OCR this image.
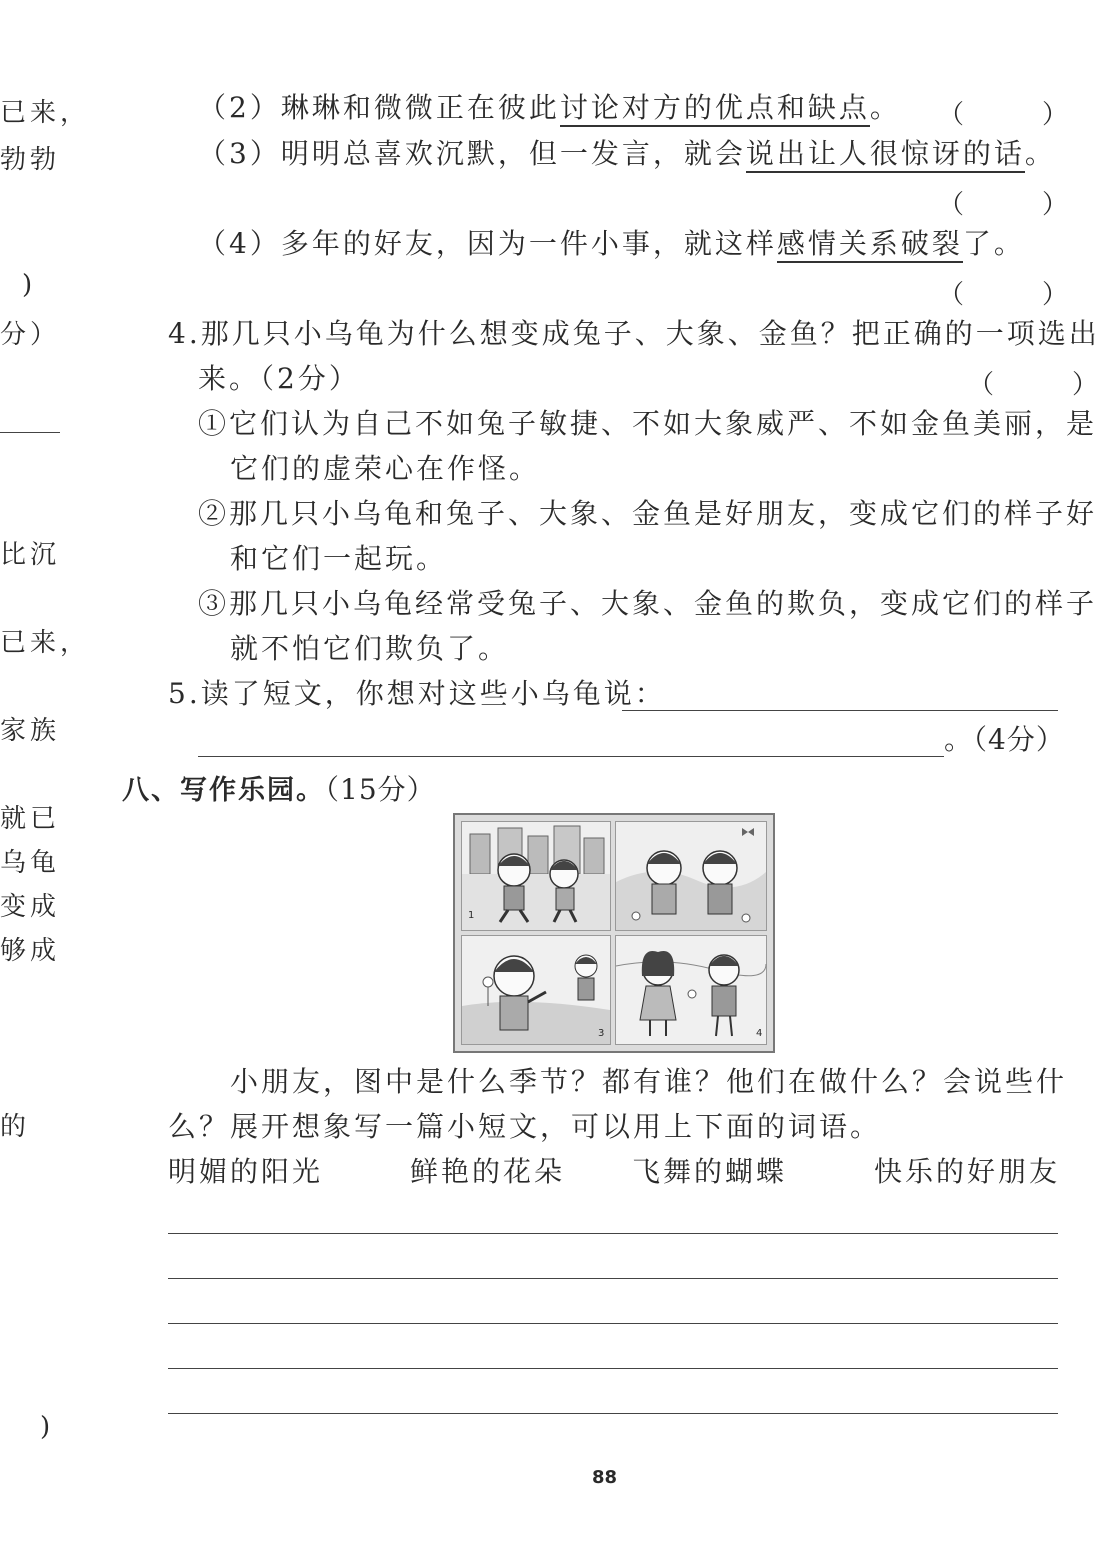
已来，
勃勃
)
分）
比沉
已来，
家族
就已
乌龟
变成
够成
的
)
（2）琳琳和微微正在彼此讨论对方的优点和缺点。 （　　　）
（3）明明总喜欢沉默，但一发言，就会说出让人很惊讶的话。
（　　　）
（4）多年的好友，因为一件小事，就这样感情关系破裂了。
（　　　）
4.那几只小乌龟为什么想变成兔子、大象、金鱼？把正确的一项选出
来。（2分）	（　　　）
①它们认为自己不如兔子敏捷、不如大象威严、不如金鱼美丽，是
它们的虚荣心在作怪。
②那几只小乌龟和兔子、大象、金鱼是好朋友，变成它们的样子好
和它们一起玩。
③那几只小乌龟经常受兔子、大象、金鱼的欺负，变成它们的样子
就不怕它们欺负了。
5.读了短文，你想对这些小乌龟说：
。（4分）
八、写作乐园。（15分）
1
3	4
小朋友，图中是什么季节？都有谁？他们在做什么？会说些什
么？展开想象写一篇小短文，可以用上下面的词语。
明媚的阳光	鲜艳的花朵 飞舞的蝴蝶	快乐的好朋友
88
